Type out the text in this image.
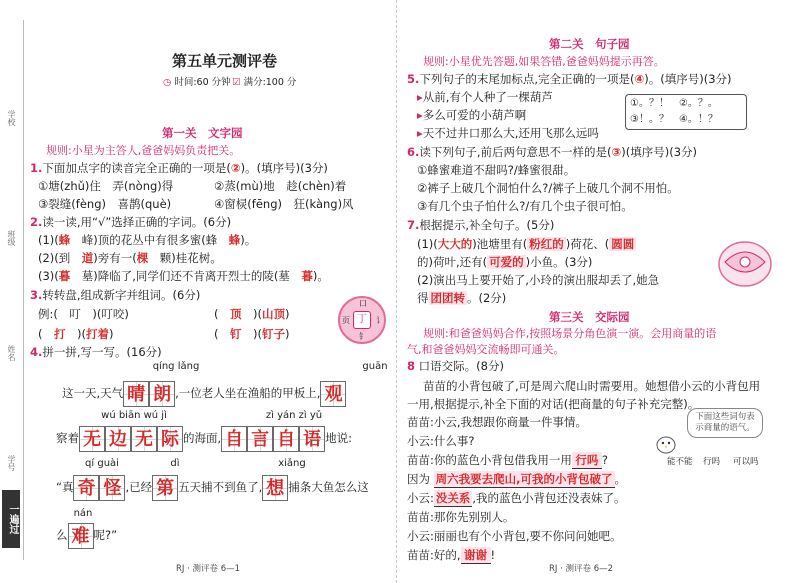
学校
班级
姓名
学号
一遍过
第五单元测评卷
◷ 时间:60 分钟 ☑ 满分:100 分
第一关　文字园
规则:小星为主答人,爸爸妈妈负责把关。
1.下面加点字的读音完全正确的一项是(②)。(填序号)(3分)
①塘(zhǔ)住　弄(nòng)得	②蒸(mù)地　趁(chèn)着
③裂缝(fèng)　喜鹊(què)	④窗棂(fēng)　狂(kàng)风
2.读一读,用“√”选择正确的字词。(6分)
(1)(蜂　峰)顶的花丛中有很多蜜(蜂　蜂)。
(2)(到　道)旁有一(棵　颗)桂花树。
(3)(暮　墓)降临了,同学们还不肯离开烈士的陵(墓　暮)。
3.转转盘,组成新字并组词。(6分)
例:(　叮　)(叮咬)	(　顶　)(山顶)
(　打　)(打着)	(　钉　)(钉子)
口
页	讠
钅
丁
4.拼一拼,写一写。(16分)
qíng lǎng	guān
这一天,天气 晴 朗 ,一位老人坐在渔船的甲板上, 观
wú biān wú jì	zì yán zì yǔ
察着 无 边 无 际 的海面, 自 言 自 语 地说:
qí guài	dì	xiǎng
“真 奇 怪 ,已经 第 五天捕不到鱼了, 想 捕条大鱼怎么这
nán
么 难 呢?”
RJ · 测评卷 6—1
第二关　句子园
规则:小星优先答题,如果答错,爸爸妈妈提示再答。
5.下列句子的末尾加标点,完全正确的一项是(④)。(填序号)(3分)
▸从前,有个人种了一棵葫芦
▸多么可爱的小葫芦啊
▸天不过井口那么大,还用飞那么远吗
①。？！　 ②。？。
③！。？　 ④。！？
6.读下列句子,前后两句意思不一样的是(③)(填序号)(3分)
①蜂蜜难道不甜吗?/蜂蜜很甜。
②裤子上破几个洞怕什么?/裤子上破几个洞不用怕。
③有几个虫子怕什么?/有几个虫子很可怕。
7.根据提示,补全句子。(5分)
(1)(大大的)池塘里有( 粉红的 )荷花、( 圆圆
的)荷叶,还有( 可爱的 )小鱼。(3分)
(2)演出马上要开始了,小玲的演出服却丢了,她急
得 团团转 。(2分)
第三关　交际园
规则:和爸爸妈妈合作,按照场景分角色演一演。会用商量的语
气,和爸爸妈妈交流畅即可通关。
8 口语交际。(8分)
苗苗的小背包破了,可是周六爬山时需要用。她想借小云的小背包用
一用,根据提示,补全下面的对话(把商量的句子补充完整)。
苗苗:小云,我想跟你商量一件事情。
小云:什么事?
苗苗:你的蓝色小背包借我用一用 行吗 ?
因为 周六我要去爬山,可我的小背包破了 。
小云: 没关系 ,我的蓝色小背包还没表妹了。
苗苗:那你先别别人。
小云:丽丽也有个小背包,要不你问问她吧。
苗苗:好的, 谢谢 !
下面这些词句表示商量的语气。
能不能 行吗 可以吗
RJ · 测评卷 6—2
